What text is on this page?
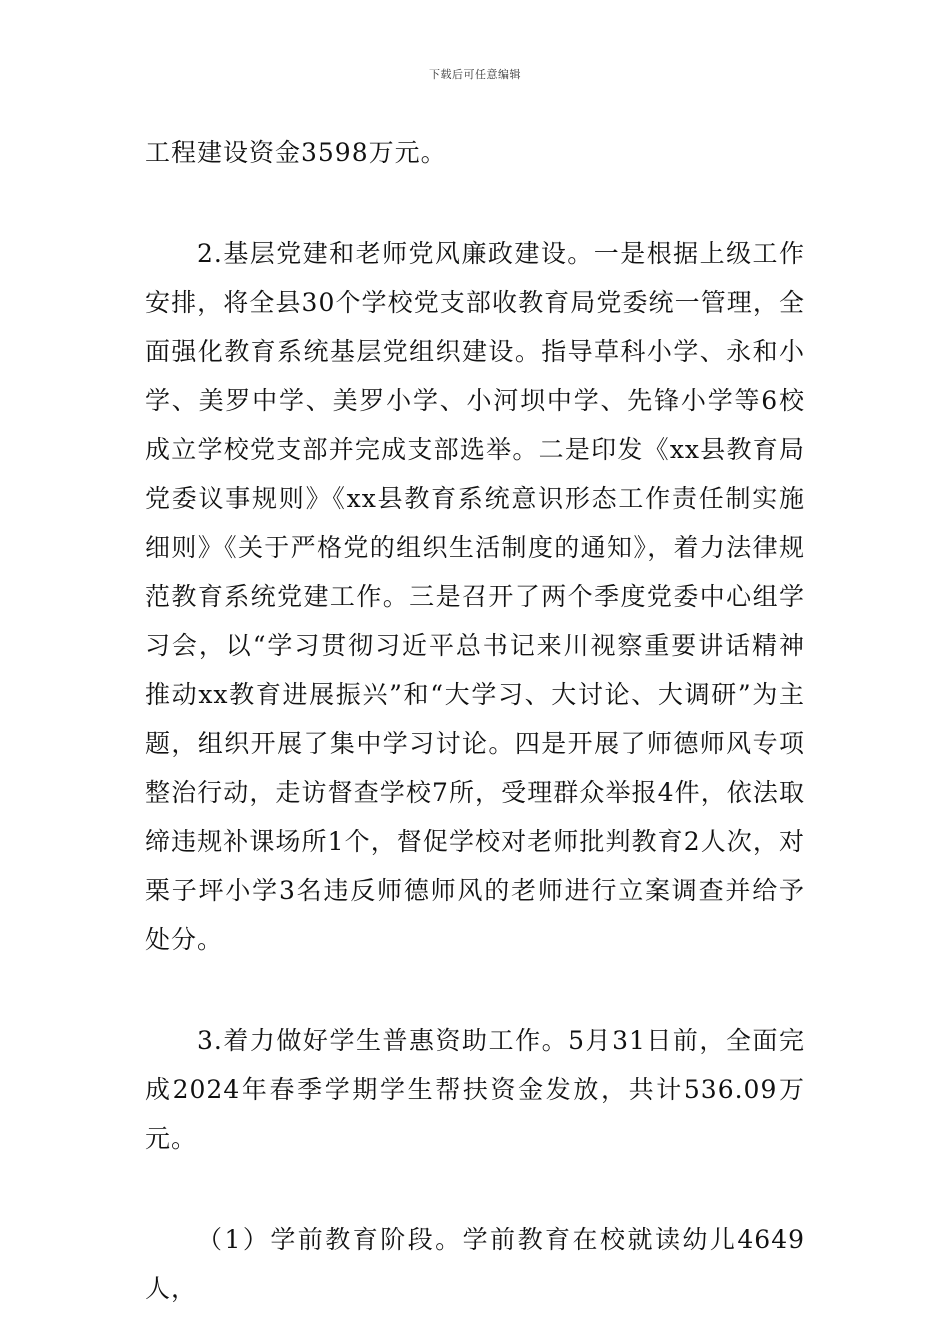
下载后可任意编辑

工程建设资金3598万元。

2.基层党建和老师党风廉政建设。一是根据上级工作安排，将全县30个学校党支部收教育局党委统一管理，全面强化教育系统基层党组织建设。指导草科小学、永和小学、美罗中学、美罗小学、小河坝中学、先锋小学等6校成立学校党支部并完成支部选举。二是印发《xx县教育局党委议事规则》《xx县教育系统意识形态工作责任制实施细则》《关于严格党的组织生活制度的通知》，着力法律规范教育系统党建工作。三是召开了两个季度党委中心组学习会，以“学习贯彻习近平总书记来川视察重要讲话精神推动xx教育进展振兴”和“大学习、大讨论、大调研”为主题，组织开展了集中学习讨论。四是开展了师德师风专项整治行动，走访督查学校7所，受理群众举报4件，依法取缔违规补课场所1个，督促学校对老师批判教育2人次，对栗子坪小学3名违反师德师风的老师进行立案调查并给予处分。

3.着力做好学生普惠资助工作。5月31日前，全面完成2024年春季学期学生帮扶资金发放，共计536.09万元。

（1）学前教育阶段。学前教育在校就读幼儿4649人，
